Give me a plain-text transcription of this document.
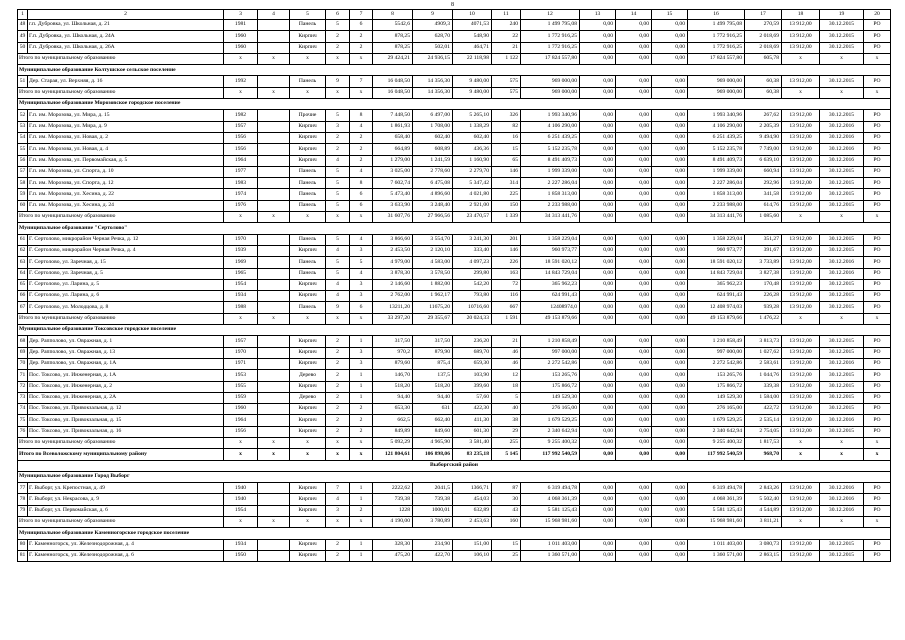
8
1	2	3	4	5	6	7	8	9	10	11	12	13	14	15	16	17	18	19	20
48	г.п. Дубровка, ул. Школьная, д. 21	1981		Панель	5	6	5542,6	4909,3	4071,53	240	1 499 795,08	0,00	0,00	0,00	1 499 795,08	270,59	13 912,00	30.12.2015	РО
49	Г.п. Дубровка, ул. Школьная, д. 24А	1960		Кирпич	2	2	878,25	628,70	548,90	22	1 772 916,25	0,00	0,00	0,00	1 772 916,25	2 018,69	13 912,00	30.12.2015	РО
50	Г.п. Дубровка, ул. Школьная, д. 26А	1960		Кирпич	2	2	878,25	502,01	464,71	21	1 772 916,25	0,00	0,00	0,00	1 772 916,25	2 018,69	13 912,00	30.12.2015	РО
Итого по муниципальному образованию		х	х	х	х	х	29 424,21	24 936,15	22 118,98	1 122	17 824 557,80	0,00	0,00	0,00	17 824 557,80	605,78	х	х	х
Муниципальное образование Колтушское сельское поселение																			
51	Дер. Старая, ул. Верхняя, д. 16	1992		Панель	9	7	16 048,50	14 356,30	9 480,00	575	969 000,00	0,00	0,00	0,00	969 000,00	60,38	13 912,00	30.12.2015	РО
Итого по муниципальному образованию		х	х	х	х	х	16 048,50	14 356,30	9 480,00	575	969 000,00	0,00	0,00	0,00	969 000,00	60,38	х	х	х
Муниципальное образование Морозовское городское поселение																			
52	Г.п. им. Морозова, ул. Мира, д. 15	1982		Прочие	5	8	7 448,50	6 497,00	5 265,10	326	1 993 340,96	0,00	0,00	0,00	1 993 340,96	267,62	13 912,00	30.12.2015	РО
53	Г.п. им. Морозова, ул. Мира, д. 9	1957		Кирпич	3	4	1 861,93	1 708,00	1 338,29	82	4 106 290,00	0,00	0,00	0,00	4 106 290,00	2 205,39	13 912,00	30.12.2016	РО
54	Г.п. им. Морозова, ул. Новая, д. 2	1956		Кирпич	2	2	658,40	602,40	602,40	16	6 251 439,25	0,00	0,00	0,00	6 251 439,25	9 494,90	13 912,00	30.12.2016	РО
55	Г.п. им. Морозова, ул. Новая, д. 4	1956		Кирпич	2	2	664,89	608,89	436,36	15	5 152 235,78	0,00	0,00	0,00	5 152 235,78	7 749,00	13 912,00	30.12.2016	РО
56	Г.п. им. Морозова, ул. Первомайская, д. 5	1964		Кирпич	4	2	1 279,00	1 241,59	1 160,90	65	8 491 409,73	0,00	0,00	0,00	8 491 409,73	6 639,10	13 912,00	30.12.2016	РО
57	Г.п. им. Морозова, ул. Спорта, д. 10	1977		Панель	5	4	3 025,00	2 778,60	2 279,70	146	1 999 339,00	0,00	0,00	0,00	1 999 339,00	660,94	13 912,00	30.12.2015	РО
58	Г.п. им. Морозова, ул. Спорта, д. 12	1983		Панель	5	8	7 602,74	6 475,08	5 347,42	314	2 227 286,04	0,00	0,00	0,00	2 227 286,04	292,96	13 912,00	30.12.2015	РО
59	Г.п. им. Морозова, ул. Хесина, д. 22	1974		Панель	5	6	5 473,40	4 896,60	4 021,80	225	1 858 313,00	0,00	0,00	0,00	1 858 313,00	341,58	13 912,00	30.12.2015	РО
60	Г.п. им. Морозова, ул. Хесина, д. 24	1976		Панель	5	6	3 633,90	3 248,40	2 921,00	150	2 233 988,00	0,00	0,00	0,00	2 233 988,00	614,76	13 912,00	30.12.2015	РО
Итого по муниципальному образованию		х	х	х	х	х	31 607,76	27 966,56	23 470,57	1 339	34 313 441,76	0,00	0,00	0,00	34 313 441,76	1 085,60	х	х	х
Муниципальное образование "Сертолово"																			
61	Г. Сертолово, микрорайон Черная Речка, д. 12	1970		Панель	5	4	3 866,60	3 554,70	3 241,30	201	1 358 229,04	0,00	0,00	0,00	1 358 229,04	351,27	13 912,00	30.12.2015	РО
62	Г. Сертолово, микрорайон Черная Речка, д. 4	1939		Кирпич	4	3	2 453,50	2 120,10	333,40	146	960 973,77	0,00	0,00	0,00	960 973,77	391,67	13 912,00	30.12.2015	РО
63	Г. Сертолово, ул. Заречная, д. 15	1969		Панель	5	5	4 979,00	4 583,00	4 097,23	226	18 591 020,12	0,00	0,00	0,00	18 591 020,12	3 733,89	13 912,00	30.12.2016	РО
64	Г. Сертолово, ул. Заречная, д. 5	1965		Панель	5	4	3 878,30	3 578,50	299,80	163	14 843 729,04	0,00	0,00	0,00	14 843 729,04	3 827,38	13 912,00	30.12.2016	РО
65	Г. Сертолово, ул. Ларина, д. 5	1954		Кирпич	4	3	2 146,60	1 882,00	542,20	72	365 962,23	0,00	0,00	0,00	365 962,23	170,48	13 912,00	30.12.2015	РО
66	Г. Сертолово, ул. Ларина, д. 6	1934		Кирпич	4	3	2 762,00	1 962,17	793,80	116	624 991,43	0,00	0,00	0,00	624 991,43	226,28	13 912,00	30.12.2015	РО
67	Г. Сертолово, ул. Молодцова, д. 8	1988		Панель	9	6	13211,20	11675,20	10716,60	667	12408974,0	0,00	0,00	0,00	12 408 974,03	939,28	13 912,00	30.12.2015	РО
Итого по муниципальному образованию		х	х	х	х	х	33 297,20	29 355,67	20 024,33	1 591	49 153 879,66	0,00	0,00	0,00	49 153 879,66	1 476,22	х	х	х
Муниципальное образование Токсовское городское поселение																			
68	Дер. Рапполово, ул. Овражная, д. 1	1957		Кирпич	2	1	317,50	317,50	236,20	21	1 210 858,49	0,00	0,00	0,00	1 210 858,49	3 813,73	13 912,00	30.12.2015	РО
69	Дер. Рапполово, ул. Овражная, д. 13	1970		Кирпич	2	3	970,2	879,90	689,70	46	997 000,00	0,00	0,00	0,00	997 000,00	1 027,62	13 912,00	30.12.2015	РО
70	Дер. Рапполово, ул. Овражная, д. 1А	1971		Кирпич	2	3	879,60	875,4	659,30	46	2 272 542,86	0,00	0,00	0,00	2 272 542,86	2 583,61	13 912,00	30.12.2016	РО
71	Пос. Токсово, ул. Инженерная, д. 1А	1953		Дерево	2	1	146,70	137,5	103,90	12	153 265,76	0,00	0,00	0,00	153 265,76	1 044,76	13 912,00	30.12.2015	РО
72	Пос. Токсово, ул. Инженерная, д. 2	1955		Кирпич	2	1	518,20	518,20	399,60	18	175 866,72	0,00	0,00	0,00	175 866,72	339,38	13 912,00	30.12.2015	РО
73	Пос. Токсово, ул. Инженерная, д. 2А	1959		Дерево	2	1	94,40	94,40	57,60	5	149 529,30	0,00	0,00	0,00	149 529,30	1 584,00	13 912,00	30.12.2015	РО
74	Пос. Токсово, ул. Привокзальная, д. 12	1960		Кирпич	2	2	653,30	631	422,30	40	276 165,00	0,00	0,00	0,00	276 165,00	422,72	13 912,00	30.12.2015	РО
75	Пос. Токсово, ул. Привокзальная, д. 15	1964		Кирпич	2	2	662,5	662,40	411,30	38	1 679 529,25	0,00	0,00	0,00	1 679 529,25	2 535,14	13 912,00	30.12.2016	РО
76	Пос. Токсово, ул. Привокзальная, д. 16	1956		Кирпич	2	2	849,89	849,60	601,30	29	2 340 642,94	0,00	0,00	0,00	2 340 642,94	2 754,05	13 912,00	30.12.2015	РО
Итого по муниципальному образованию		х	х	х	х	х	5 092,29	4 965,90	3 581,40	255	9 255 400,32	0,00	0,00	0,00	9 255 400,32	1 817,53	х	х	х
Итого по Всеволожскому муниципальному району		х	х	х	х	х	121 804,61	106 898,06	83 235,18	5 145	117 992 540,59	0,00	0,00	0,00	117 992 540,59	968,70	х	х	х
Выборгский район																			
Муниципальное образование Город Выборг																			
77	Г. Выборг, ул. Крепостная, д. 49	1940		Кирпич	7	1	2222,62	2041,5	1366,71	87	6 319 494,78	0,00	0,00	0,00	6 319 494,78	2 843,26	13 912,00	30.12.2016	РО
78	Г. Выборг, ул. Некрасова, д. 9	1940		Кирпич	4	1	739,38	739,38	454,03	30	4 068 361,39	0,00	0,00	0,00	4 068 361,39	5 502,40	13 912,00	30.12.2016	РО
79	Г. Выборг, ул. Первомайская, д. 6	1954		Кирпич	3	2	1228	1000,01	632,89	43	5 581 125,43	0,00	0,00	0,00	5 581 125,43	4 544,89	13 912,00	30.12.2016	РО
Итого по муниципальному образованию		х	х	х	х	х	4 190,00	3 780,89	2 453,63	160	15 968 981,60	0,00	0,00	0,00	15 968 981,60	3 811,21	х	х	х
Муниципальное образование Каменногорское городское поселение																			
80	Г. Каменногорск, ул. Железнодорожная, д. 4	1934		Кирпич	2	1	328,30	234,90	151,00	15	1 011 403,00	0,00	0,00	0,00	1 011 403,00	3 080,73	13 912,00	30.12.2015	РО
81	Г. Каменногорск, ул. Железнодорожная, д. 6	1950		Кирпич	2	1	475,20	422,70	106,10	25	1 360 571,00	0,00	0,00	0,00	1 360 571,00	2 863,15	13 912,00	30.12.2015	РО
